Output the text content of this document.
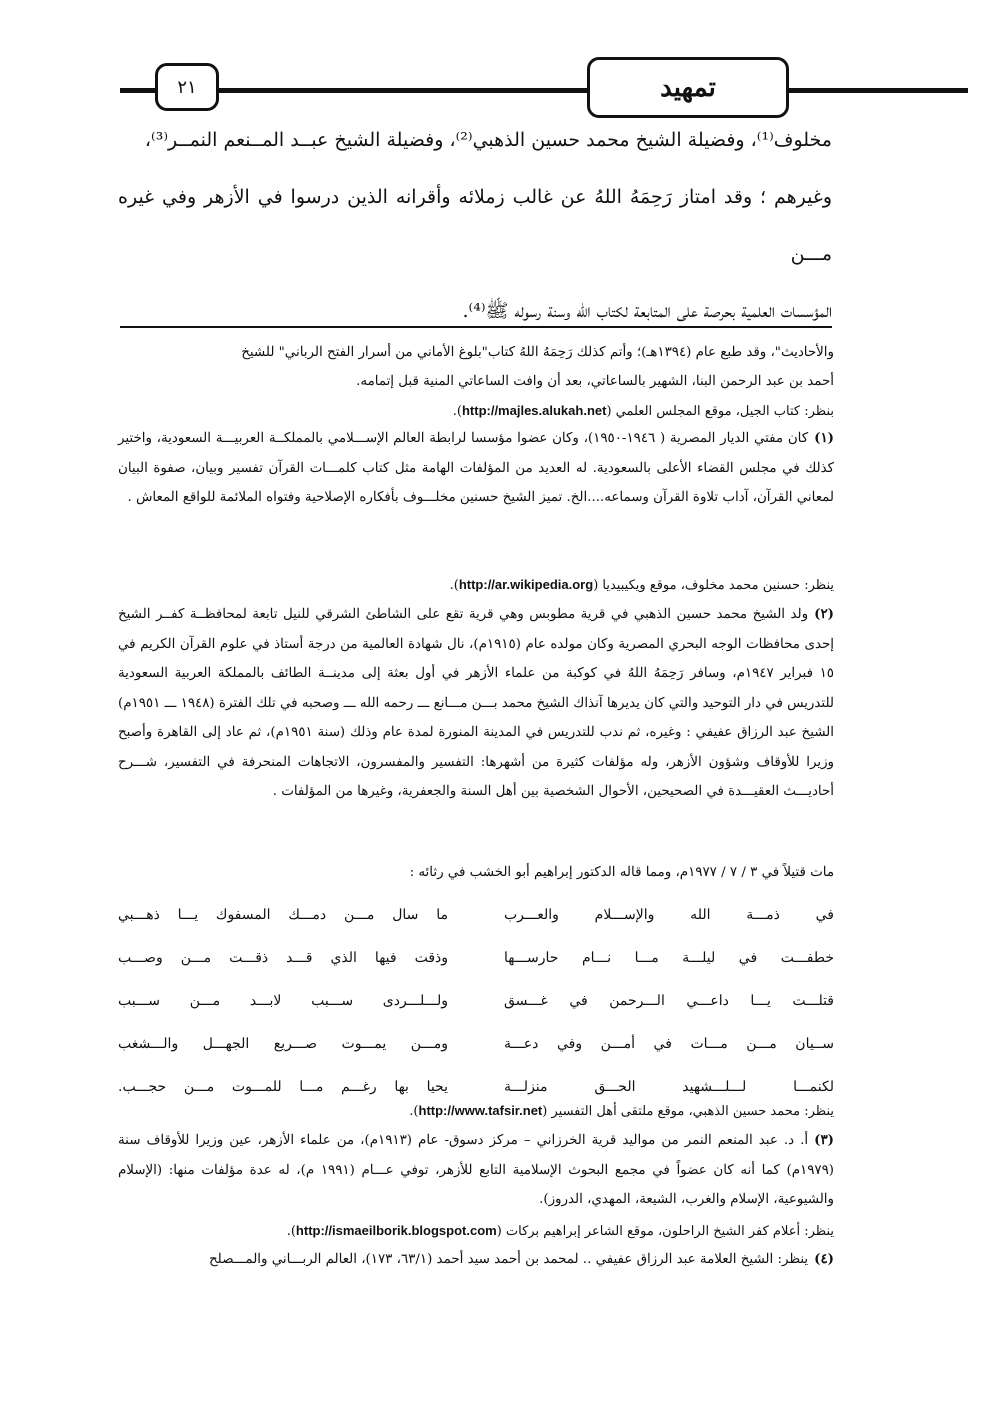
٢١	تمهيد

مخلوف⁽¹⁾، وفضيلة الشيخ محمد حسين الذهبي⁽²⁾، وفضيلة الشيخ عبــد المــنعم النمــر⁽³⁾،

وغيرهم ؛ وقد امتاز رَحِمَهُ اللهُ عن غالب زملائه وأقرانه الذين درسوا في الأزهر وفي غيره مـــن

المؤسسات العلمية بحرصة على المتابعة لكتاب الله وسنة رسوله ﷺ⁽⁴⁾.

والأحاديث"، وقد طبع عام (١٣٩٤هـ)؛ وأتم كذلك رَحِمَهُ اللهُ كتاب"بلوغ الأماني من أسرار الفتح الرباني" للشيخ

أحمد بن عبد الرحمن البنا، الشهير بالساعاتي، بعد أن وافت الساعاتي المنية قبل إتمامه.

بنظر: كتاب الجيل، موقع المجلس العلمي (http://majles.alukah.net).

(١)كان مفتي الديار المصرية ( ١٩٤٦-١٩٥٠)، وكان عضوا مؤسسا لرابطة العالم الإســـلامي بالمملكــة العربيـــة السعودية، واختير كذلك في مجلس القضاء الأعلى بالسعودية. له العديد من المؤلفات الهامة مثل كتاب كلمـــات القرآن تفسير وبيان، صفوة البيان لمعاني القرآن، آداب تلاوة القرآن وسماعه....الخ. تميز الشيخ حسنين مخلـــوف بأفكاره الإصلاحية وفتواه الملائمة للواقع المعاش .

ينظر: حسنين محمد مخلوف، موقع ويكيبيديا (http://ar.wikipedia.org).

(٢)ولد الشيخ محمد حسين الذهبي في قرية مطوبس وهي قرية تقع على الشاطئ الشرقي للنيل تابعة لمحافظــة كفــر الشيخ إحدى محافظات الوجه البحري المصرية وكان مولده عام (١٩١٥م)، نال شهادة العالمية من درجة أستاذ في علوم القرآن الكريم في ١٥ فبراير ١٩٤٧م، وسافر رَحِمَهُ اللهُ في كوكبة من علماء الأزهر في أول بعثة إلى مدينــة الطائف بالمملكة العربية السعودية للتدريس في دار التوحيد والتي كان يديرها آنذاك الشيخ محمد بـــن مـــانع ـــ رحمه الله ـــ وصحبه في تلك الفترة (١٩٤٨ ـــ ١٩٥١م) الشيخ عبد الرزاق عفيفي : وغيره، ثم ندب للتدريس في المدينة المنورة لمدة عام وذلك (سنة ١٩٥١م)، ثم عاد إلى القاهرة وأصبح وزيرا للأوقاف وشؤون الأزهر، وله مؤلفات كثيرة من أشهرها: التفسير والمفسرون، الاتجاهات المنحرفة في التفسير، شـــرح أحاديـــث العقيـــدة في الصحيحين، الأحوال الشخصية بين أهل السنة والجعفرية، وغيرها من المؤلفات .

مات قتيلاً في ٣ / ٧ / ١٩٧٧م، ومما قاله الدكتور إبراهيم أبو الخشب في رثائه :

في ذمـــة الله والإســـلام والعـــرب
ما سال مـــن دمـــك المسفوك يـــا ذهـــبي
خطفـــت في ليلـــة مـــا نـــام حارســـها
وذقت فيها الذي قـــد ذقـــت مـــن وصـــب
قتلـــت يـــا داعـــي الـــرحمن في غـــسق
ولـــلـــردى ســـبب لابـــد مـــن ســـبب
ســيان مـــن مـــات في أمـــن وفي دعـــة
ومـــن يمـــوت صـــريع الجهـــل والـــشغب
لكنمـــا لـــلـــشهيد الحـــق منزلـــة
يحيا بها رغـــم مـــا للمـــوت مـــن حجـــب.

ينظر: محمد حسين الذهبي، موقع ملتقى أهل التفسير (http://www.tafsir.net).

(٣)أ. د. عبد المنعم النمر من مواليد قرية الخرزاني – مركز دسوق- عام (١٩١٣م)، من علماء الأزهر، عين وزيرا للأوقاف سنة (١٩٧٩م) كما أنه كان عضواً في مجمع البحوث الإسلامية التابع للأزهر، توفي عـــام (١٩٩١ م)، له عدة مؤلفات منها: (الإسلام والشيوعية، الإسلام والغرب، الشيعة، المهدي، الدروز).

ينظر: أعلام كفر الشيخ الراحلون، موقع الشاعر إبراهيم بركات (http://ismaeilborik.blogspot.com).

(٤)ينظر: الشيخ العلامة عبد الرزاق عفيفي .. لمحمد بن أحمد سيد أحمد (٦٣/١، ١٧٣)، العالم الربـــاني والمـــصلح
